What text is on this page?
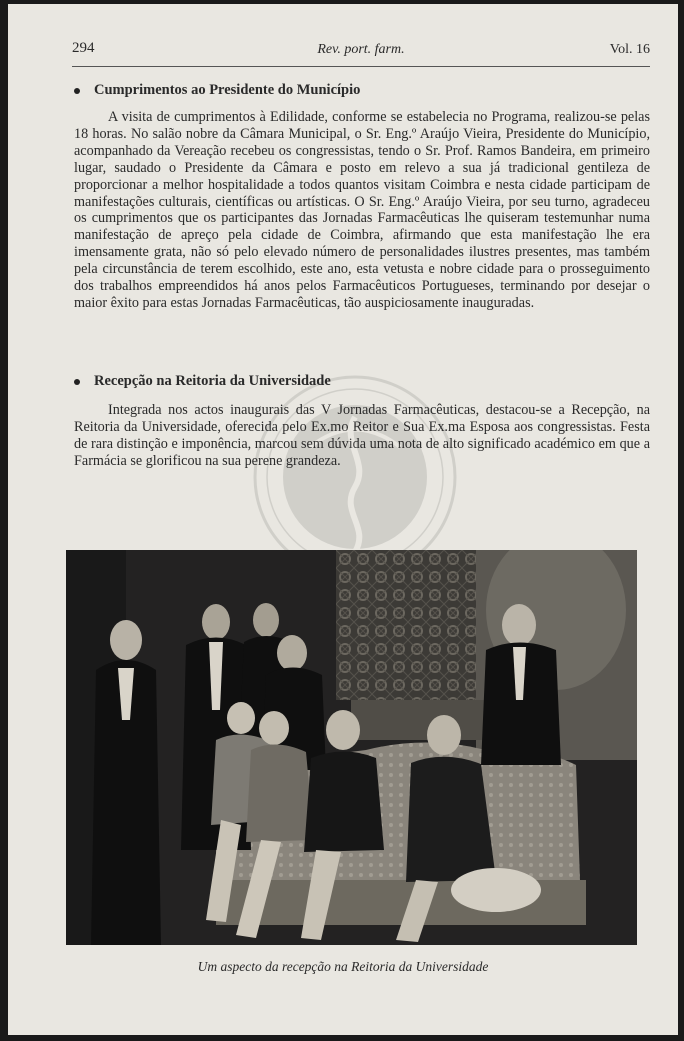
294	Rev. port. farm.	Vol. 16
Cumprimentos ao Presidente do Município

A visita de cumprimentos à Edilidade, conforme se estabelecia no Programa, realizou-se pelas 18 horas. No salão nobre da Câmara Municipal, o Sr. Eng.º Araújo Vieira, Presidente do Município, acompanhado da Vereação recebeu os congressistas, tendo o Sr. Prof. Ramos Bandeira, em primeiro lugar, saudado o Presidente da Câmara e posto em relevo a sua já tradicional gentileza de proporcionar a melhor hospitalidade a todos quantos visitam Coimbra e nesta cidade participam de manifestações culturais, científicas ou artísticas. O Sr. Eng.º Araújo Vieira, por seu turno, agradeceu os cumprimentos que os participantes das Jornadas Farmacêuticas lhe quiseram testemunhar numa manifestação de apreço pela cidade de Coimbra, afirmando que esta manifestação lhe era imensamente grata, não só pelo elevado número de personalidades ilustres presentes, mas também pela circunstância de terem escolhido, este ano, esta vetusta e nobre cidade para o prosseguimento dos trabalhos empreendidos há anos pelos Farmacêuticos Portugueses, terminando por desejar o maior êxito para estas Jornadas Farmacêuticas, tão auspiciosamente inauguradas.

Recepção na Reitoria da Universidade

Integrada nos actos inaugurais das V Jornadas Farmacêuticas, destacou-se a Recepção, na Reitoria da Universidade, oferecida pelo Ex.mo Reitor e Sua Ex.ma Esposa aos congressistas. Festa de rara distinção e imponência, marcou sem dúvida uma nota de alto significado académico em que a Farmácia se glorificou na sua perene grandeza.

Um aspecto da recepção na Reitoria da Universidade
